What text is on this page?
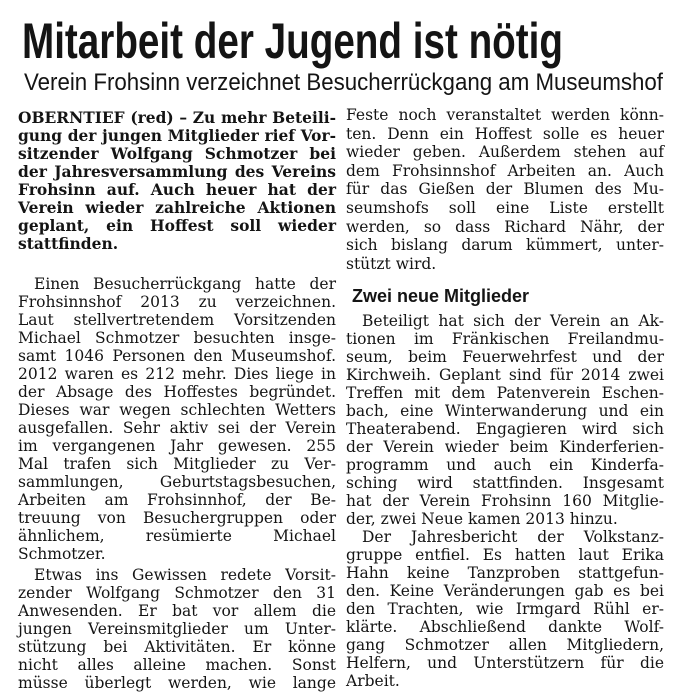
Mitarbeit der Jugend ist nötig
Verein Frohsinn verzeichnet Besucherrückgang am Museumshof
OBERNTIEF (red) – Zu mehr Beteili-
gung der jungen Mitglieder rief Vor-
sitzender Wolfgang Schmotzer bei
der Jahresversammlung des Vereins
Frohsinn auf. Auch heuer hat der
Verein wieder zahlreiche Aktionen
geplant, ein Hoffest soll wieder
stattfinden.
Einen Besucherrückgang hatte der
Frohsinnshof 2013 zu verzeichnen.
Laut stellvertretendem Vorsitzenden
Michael Schmotzer besuchten insge-
samt 1046 Personen den Museumshof.
2012 waren es 212 mehr. Dies liege in
der Absage des Hoffestes begründet.
Dieses war wegen schlechten Wetters
ausgefallen. Sehr aktiv sei der Verein
im vergangenen Jahr gewesen. 255
Mal trafen sich Mitglieder zu Ver-
sammlungen, Geburtstagsbesuchen,
Arbeiten am Frohsinnhof, der Be-
treuung von Besuchergruppen oder
ähnlichem, resümierte Michael
Schmotzer.
Etwas ins Gewissen redete Vorsit-
zender Wolfgang Schmotzer den 31
Anwesenden. Er bat vor allem die
jungen Vereinsmitglieder um Unter-
stützung bei Aktivitäten. Er könne
nicht alles alleine machen. Sonst
müsse überlegt werden, wie lange
Feste noch veranstaltet werden könn-
ten. Denn ein Hoffest solle es heuer
wieder geben. Außerdem stehen auf
dem Frohsinnshof Arbeiten an. Auch
für das Gießen der Blumen des Mu-
seumshofs soll eine Liste erstellt
werden, so dass Richard Nähr, der
sich bislang darum kümmert, unter-
stützt wird.
Zwei neue Mitglieder
Beteiligt hat sich der Verein an Ak-
tionen im Fränkischen Freilandmu-
seum, beim Feuerwehrfest und der
Kirchweih. Geplant sind für 2014 zwei
Treffen mit dem Patenverein Eschen-
bach, eine Winterwanderung und ein
Theaterabend. Engagieren wird sich
der Verein wieder beim Kinderferien-
programm und auch ein Kinderfa-
sching wird stattfinden. Insgesamt
hat der Verein Frohsinn 160 Mitglie-
der, zwei Neue kamen 2013 hinzu.
Der Jahresbericht der Volkstanz-
gruppe entfiel. Es hatten laut Erika
Hahn keine Tanzproben stattgefun-
den. Keine Veränderungen gab es bei
den Trachten, wie Irmgard Rühl er-
klärte. Abschließend dankte Wolf-
gang Schmotzer allen Mitgliedern,
Helfern, und Unterstützern für die
Arbeit.
